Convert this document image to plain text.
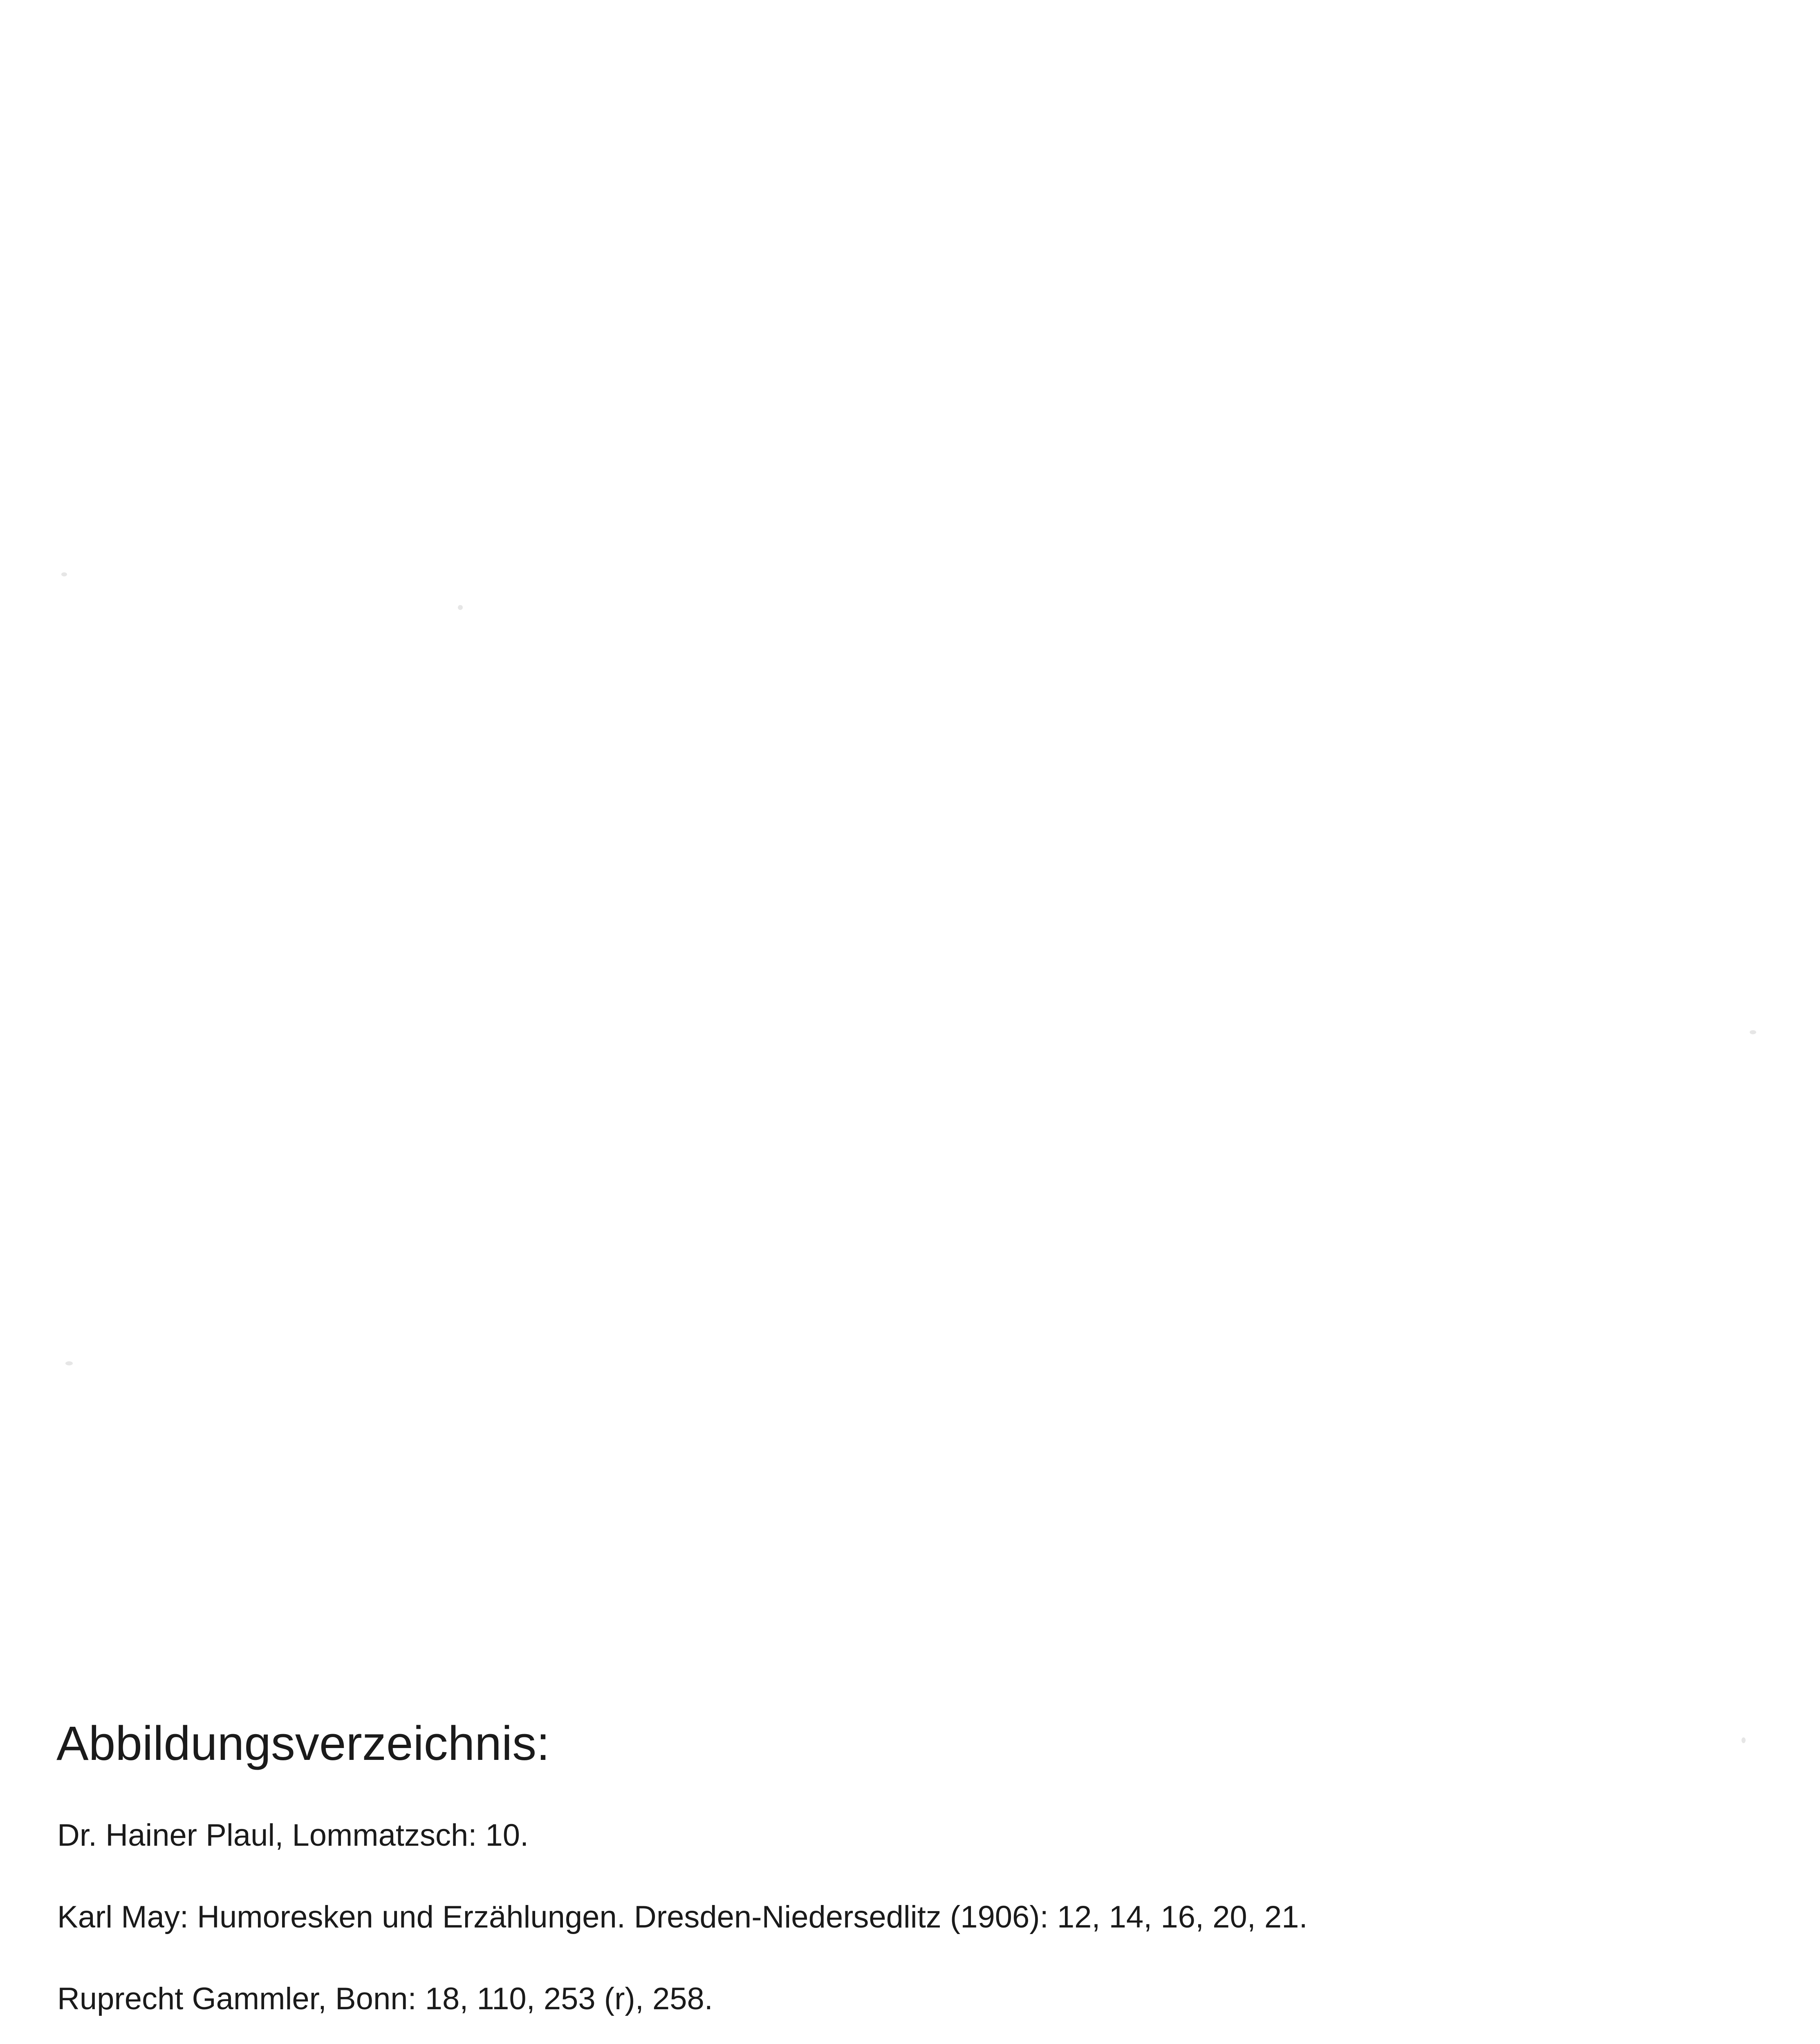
Abbildungsverzeichnis:

Dr. Hainer Plaul, Lommatzsch: 10.

Karl May: Humoresken und Erzählungen. Dresden-Niedersedlitz (1906): 12, 14, 16, 20, 21.

Ruprecht Gammler, Bonn: 18, 110, 253 (r), 258.
